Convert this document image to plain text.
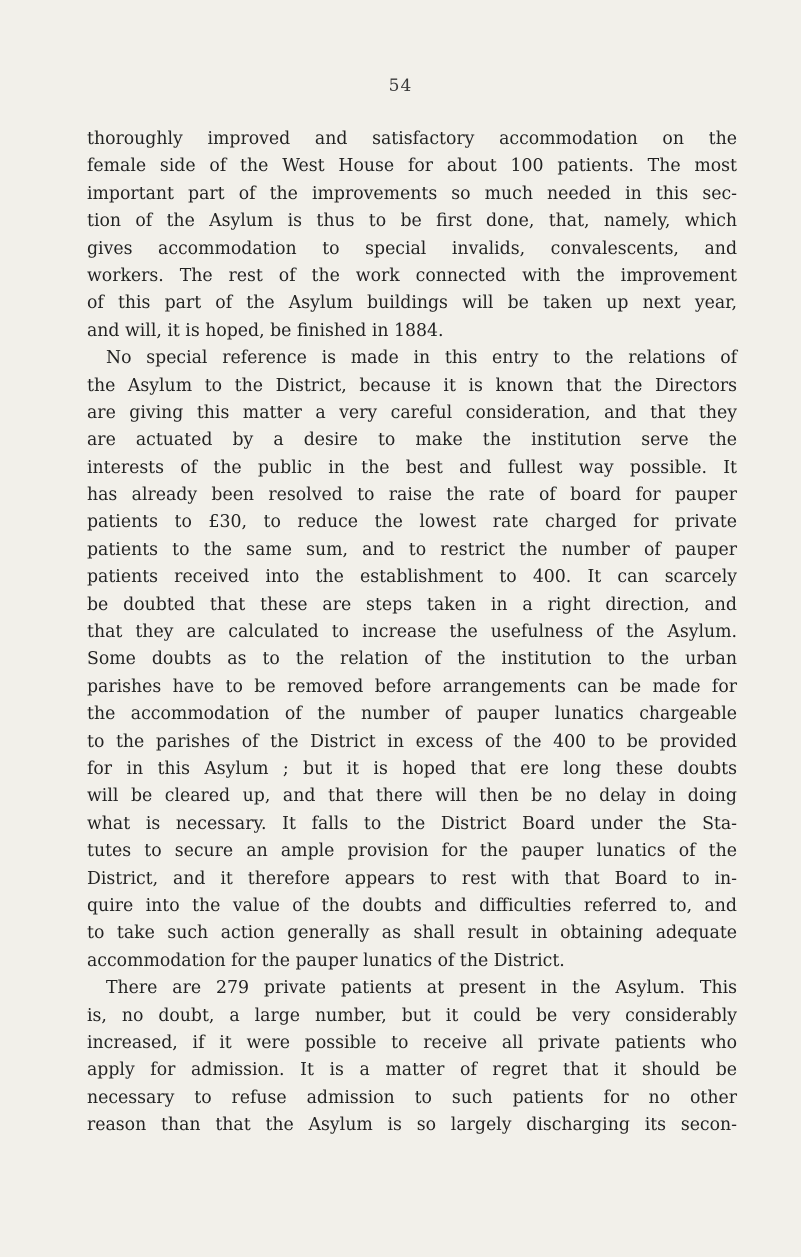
54
thoroughly improved and satisfactory accommodation on the
female side of the West House for about 100 patients. The most
important part of the improvements so much needed in this sec-
tion of the Asylum is thus to be first done, that, namely, which
gives accommodation to special invalids, convalescents, and
workers. The rest of the work connected with the improvement
of this part of the Asylum buildings will be taken up next year,
and will, it is hoped, be finished in 1884.
No special reference is made in this entry to the relations of
the Asylum to the District, because it is known that the Directors
are giving this matter a very careful consideration, and that they
are actuated by a desire to make the institution serve the
interests of the public in the best and fullest way possible. It
has already been resolved to raise the rate of board for pauper
patients to £30, to reduce the lowest rate charged for private
patients to the same sum, and to restrict the number of pauper
patients received into the establishment to 400. It can scarcely
be doubted that these are steps taken in a right direction, and
that they are calculated to increase the usefulness of the Asylum.
Some doubts as to the relation of the institution to the urban
parishes have to be removed before arrangements can be made for
the accommodation of the number of pauper lunatics chargeable
to the parishes of the District in excess of the 400 to be provided
for in this Asylum ; but it is hoped that ere long these doubts
will be cleared up, and that there will then be no delay in doing
what is necessary. It falls to the District Board under the Sta-
tutes to secure an ample provision for the pauper lunatics of the
District, and it therefore appears to rest with that Board to in-
quire into the value of the doubts and difficulties referred to, and
to take such action generally as shall result in obtaining adequate
accommodation for the pauper lunatics of the District.
There are 279 private patients at present in the Asylum. This
is, no doubt, a large number, but it could be very considerably
increased, if it were possible to receive all private patients who
apply for admission. It is a matter of regret that it should be
necessary to refuse admission to such patients for no other
reason than that the Asylum is so largely discharging its secon-
